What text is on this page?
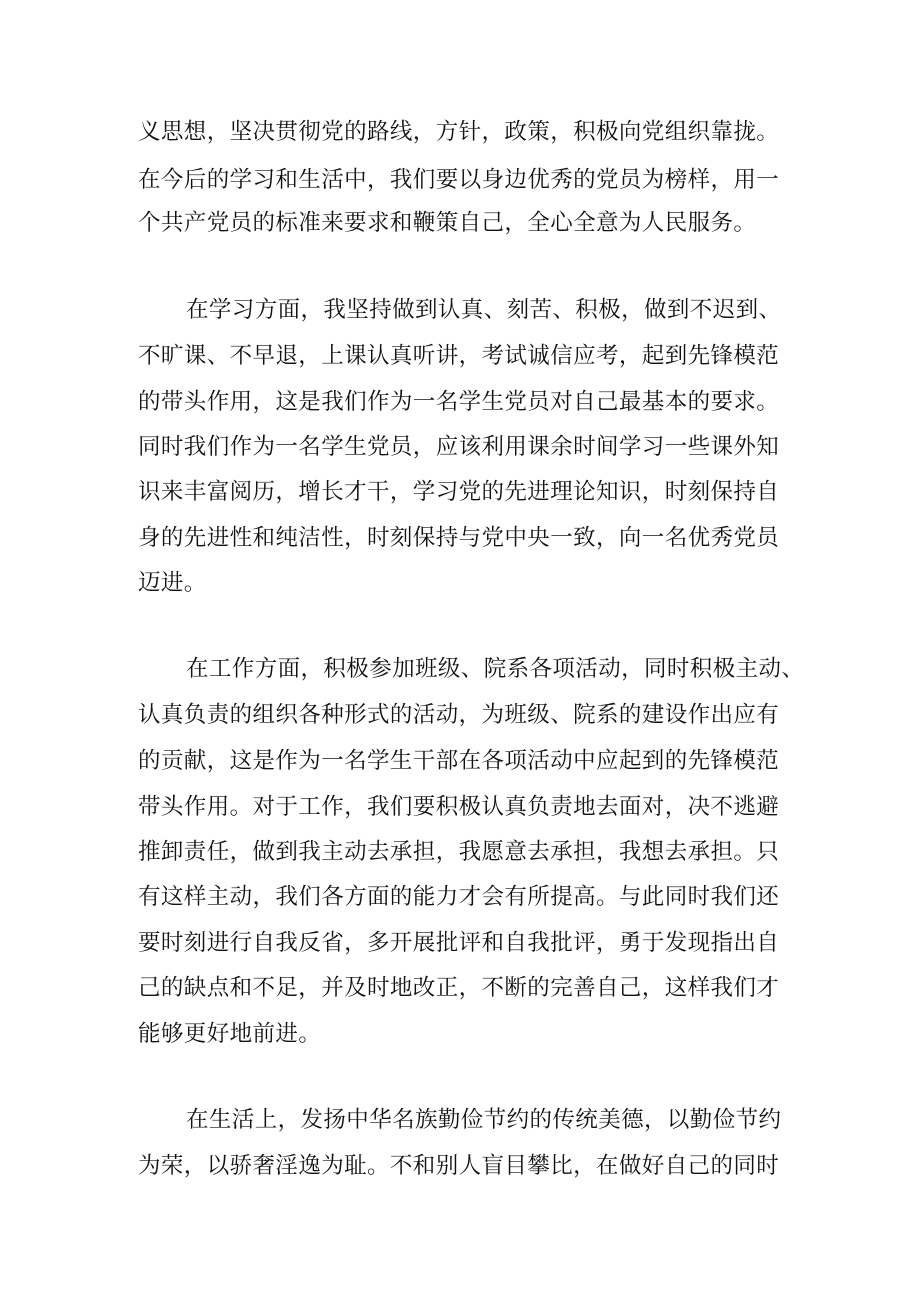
义思想，坚决贯彻党的路线，方针，政策，积极向党组织靠拢。
在今后的学习和生活中，我们要以身边优秀的党员为榜样，用一
个共产党员的标准来要求和鞭策自己，全心全意为人民服务。
在学习方面，我坚持做到认真、刻苦、积极，做到不迟到、
不旷课、不早退，上课认真听讲，考试诚信应考，起到先锋模范
的带头作用，这是我们作为一名学生党员对自己最基本的要求。
同时我们作为一名学生党员，应该利用课余时间学习一些课外知
识来丰富阅历，增长才干，学习党的先进理论知识，时刻保持自
身的先进性和纯洁性，时刻保持与党中央一致，向一名优秀党员
迈进。
在工作方面，积极参加班级、院系各项活动，同时积极主动、
认真负责的组织各种形式的活动，为班级、院系的建设作出应有
的贡献，这是作为一名学生干部在各项活动中应起到的先锋模范
带头作用。对于工作，我们要积极认真负责地去面对，决不逃避
推卸责任，做到我主动去承担，我愿意去承担，我想去承担。只
有这样主动，我们各方面的能力才会有所提高。与此同时我们还
要时刻进行自我反省，多开展批评和自我批评，勇于发现指出自
己的缺点和不足，并及时地改正，不断的完善自己，这样我们才
能够更好地前进。
在生活上，发扬中华名族勤俭节约的传统美德，以勤俭节约
为荣，以骄奢淫逸为耻。不和别人盲目攀比，在做好自己的同时
